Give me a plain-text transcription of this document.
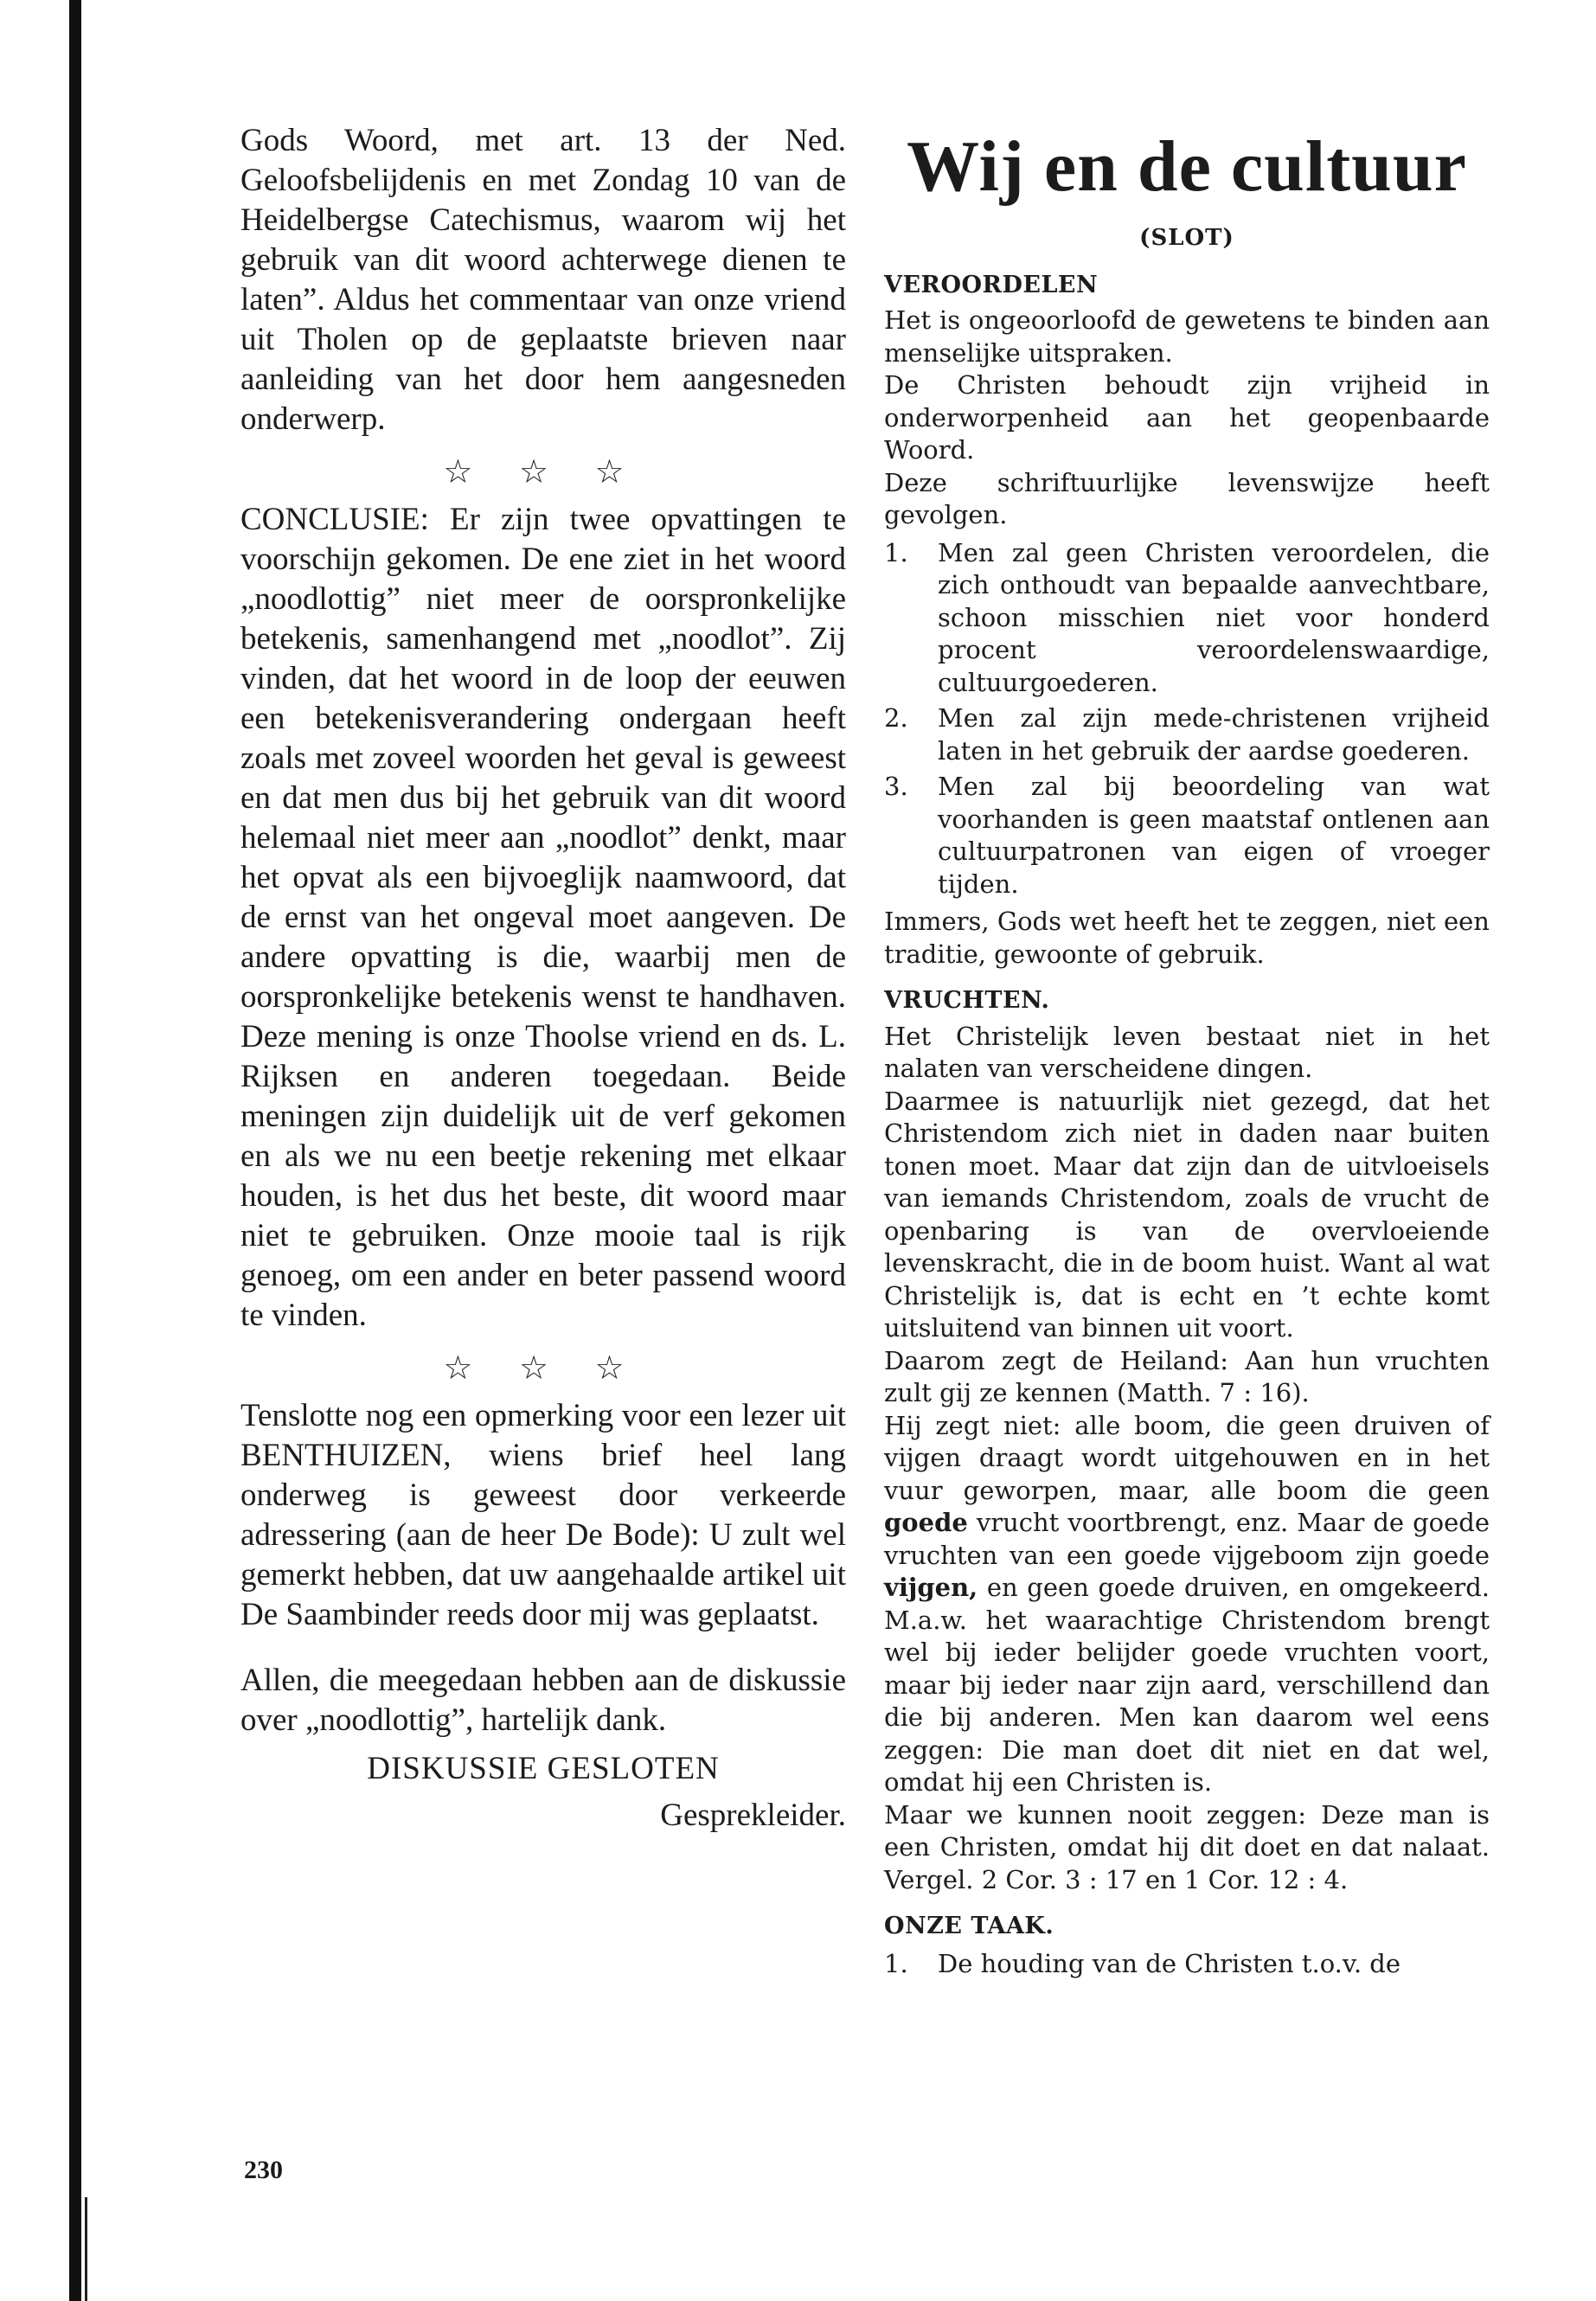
Gods Woord, met art. 13 der Ned. Geloofsbelijdenis en met Zondag 10 van de Heidelbergse Catechismus, waarom wij het gebruik van dit woord achterwege dienen te laten”. Aldus het commentaar van onze vriend uit Tholen op de geplaatste brieven naar aanleiding van het door hem aangesneden onderwerp.

☆ ☆ ☆

CONCLUSIE: Er zijn twee opvattingen te voorschijn gekomen. De ene ziet in het woord „noodlottig” niet meer de oorspronkelijke betekenis, samenhangend met „noodlot”. Zij vinden, dat het woord in de loop der eeuwen een betekenisverandering ondergaan heeft zoals met zoveel woorden het geval is geweest en dat men dus bij het gebruik van dit woord helemaal niet meer aan „noodlot” denkt, maar het opvat als een bijvoeglijk naamwoord, dat de ernst van het ongeval moet aangeven. De andere opvatting is die, waarbij men de oorspronkelijke betekenis wenst te handhaven. Deze mening is onze Thoolse vriend en ds. L. Rijksen en anderen toegedaan. Beide meningen zijn duidelijk uit de verf gekomen en als we nu een beetje rekening met elkaar houden, is het dus het beste, dit woord maar niet te gebruiken. Onze mooie taal is rijk genoeg, om een ander en beter passend woord te vinden.

☆ ☆ ☆

Tenslotte nog een opmerking voor een lezer uit BENTHUIZEN, wiens brief heel lang onderweg is geweest door verkeerde adressering (aan de heer De Bode): U zult wel gemerkt hebben, dat uw aangehaalde artikel uit De Saambinder reeds door mij was geplaatst.

Allen, die meegedaan hebben aan de diskussie over „noodlottig”, hartelijk dank.

DISKUSSIE GESLOTEN
Gesprekleider.
Wij en de cultuur
(SLOT)
VEROORDELEN

Het is ongeoorloofd de gewetens te binden aan menselijke uitspraken.

De Christen behoudt zijn vrijheid in onderworpenheid aan het geopenbaarde Woord.

Deze schriftuurlijke levenswijze heeft gevolgen.

1.	Men zal geen Christen veroordelen, die zich onthoudt van bepaalde aanvechtbare, schoon misschien niet voor honderd procent veroordelenswaardige, cultuurgoederen.
2.	Men zal zijn mede-christenen vrijheid laten in het gebruik der aardse goederen.
3.	Men zal bij beoordeling van wat voorhanden is geen maatstaf ontlenen aan cultuurpatronen van eigen of vroeger tijden.

Immers, Gods wet heeft het te zeggen, niet een traditie, gewoonte of gebruik.

VRUCHTEN.

Het Christelijk leven bestaat niet in het nalaten van verscheidene dingen.

Daarmee is natuurlijk niet gezegd, dat het Christendom zich niet in daden naar buiten tonen moet. Maar dat zijn dan de uitvloeisels van iemands Christendom, zoals de vrucht de openbaring is van de overvloeiende levenskracht, die in de boom huist. Want al wat Christelijk is, dat is echt en ’t echte komt uitsluitend van binnen uit voort.

Daarom zegt de Heiland: Aan hun vruchten zult gij ze kennen (Matth. 7 : 16).

Hij zegt niet: alle boom, die geen druiven of vijgen draagt wordt uitgehouwen en in het vuur geworpen, maar, alle boom die geen goede vrucht voortbrengt, enz. Maar de goede vruchten van een goede vijgeboom zijn goede vijgen, en geen goede druiven, en omgekeerd. M.a.w. het waarachtige Christendom brengt wel bij ieder belijder goede vruchten voort, maar bij ieder naar zijn aard, verschillend dan die bij anderen. Men kan daarom wel eens zeggen: Die man doet dit niet en dat wel, omdat hij een Christen is.

Maar we kunnen nooit zeggen: Deze man is een Christen, omdat hij dit doet en dat nalaat. Vergel. 2 Cor. 3 : 17 en 1 Cor. 12 : 4.

ONZE TAAK.
1.	De houding van de Christen t.o.v. de
230
